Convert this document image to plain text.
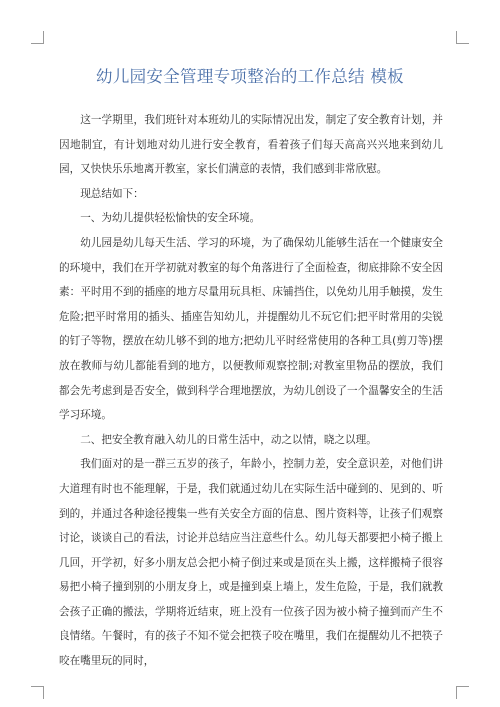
幼儿园安全管理专项整治的工作总结 模板

这一学期里，我们班针对本班幼儿的实际情况出发，制定了安全教育计划，并因地制宜，有计划地对幼儿进行安全教育，看着孩子们每天高高兴兴地来到幼儿园，又快快乐乐地离开教室，家长们满意的表情，我们感到非常欣慰。

现总结如下：

一、为幼儿提供轻松愉快的安全环境。

幼儿园是幼儿每天生活、学习的环境，为了确保幼儿能够生活在一个健康安全的环境中，我们在开学初就对教室的每个角落进行了全面检查，彻底排除不安全因素：平时用不到的插座的地方尽量用玩具柜、床铺挡住，以免幼儿用手触摸，发生危险;把平时常用的插头、插座告知幼儿，并提醒幼儿不玩它们;把平时常用的尖锐的钉子等物，摆放在幼儿够不到的地方;把幼儿平时经常使用的各种工具(剪刀等)摆放在教师与幼儿都能看到的地方，以便教师观察控制;对教室里物品的摆放，我们都会先考虑到是否安全，做到科学合理地摆放，为幼儿创设了一个温馨安全的生活学习环境。

二、把安全教育融入幼儿的日常生活中，动之以情，晓之以理。

我们面对的是一群三五岁的孩子，年龄小，控制力差，安全意识差，对他们讲大道理有时也不能理解，于是，我们就通过幼儿在实际生活中碰到的、见到的、听到的，并通过各种途径搜集一些有关安全方面的信息、图片资料等，让孩子们观察讨论，谈谈自己的看法，讨论并总结应当注意些什么。幼儿每天都要把小椅子搬上几回，开学初，好多小朋友总会把小椅子倒过来或是顶在头上搬，这样搬椅子很容易把小椅子撞到别的小朋友身上，或是撞到桌上墙上，发生危险，于是，我们就教会孩子正确的搬法，学期将近结束，班上没有一位孩子因为被小椅子撞到而产生不良情绪。午餐时，有的孩子不知不觉会把筷子咬在嘴里，我们在提醒幼儿不把筷子咬在嘴里玩的同时，
